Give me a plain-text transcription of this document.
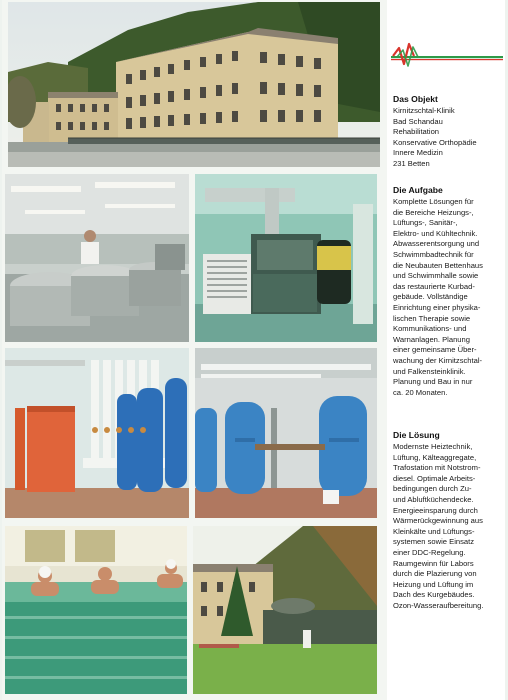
Das Objekt
Kirnitzschtal-Klinik
Bad Schandau
Rehabilitation
Konservative Orthopädie
Innere Medizin
231 Betten
Die Aufgabe
Komplette Lösungen für
die Bereiche Heizungs-,
Lüftungs-, Sanitär-,
Elektro- und Kühltechnik.
Abwasserentsorgung und
Schwimmbadtechnik für
die Neubauten Bettenhaus
und Schwimmhalle sowie
das restaurierte Kurbad-
gebäude. Vollständige
Einrichtung einer physika-
lischen Therapie sowie
Kommunikations- und
Warnanlagen. Planung
einer gemeinsame Über-
wachung der Kirnitzschtal-
und Falkensteinklinik.
Planung und Bau in nur
ca. 20 Monaten.
Die Lösung
Modernste Heiztechnik,
Lüftung, Kälteaggregate,
Trafostation mit Notstrom-
diesel. Optimale Arbeits-
bedingungen durch Zu-
und Abluftküchendecke.
Energieeinsparung durch
Wärmerückgewinnung aus
Kleinkälte und Lüftungs-
systemen sowie Einsatz
einer DDC-Regelung.
Raumgewinn für Labors
durch die Plazierung von
Heizung und Lüftung im
Dach des Kurgebäudes.
Ozon-Wasseraufbereitung.
